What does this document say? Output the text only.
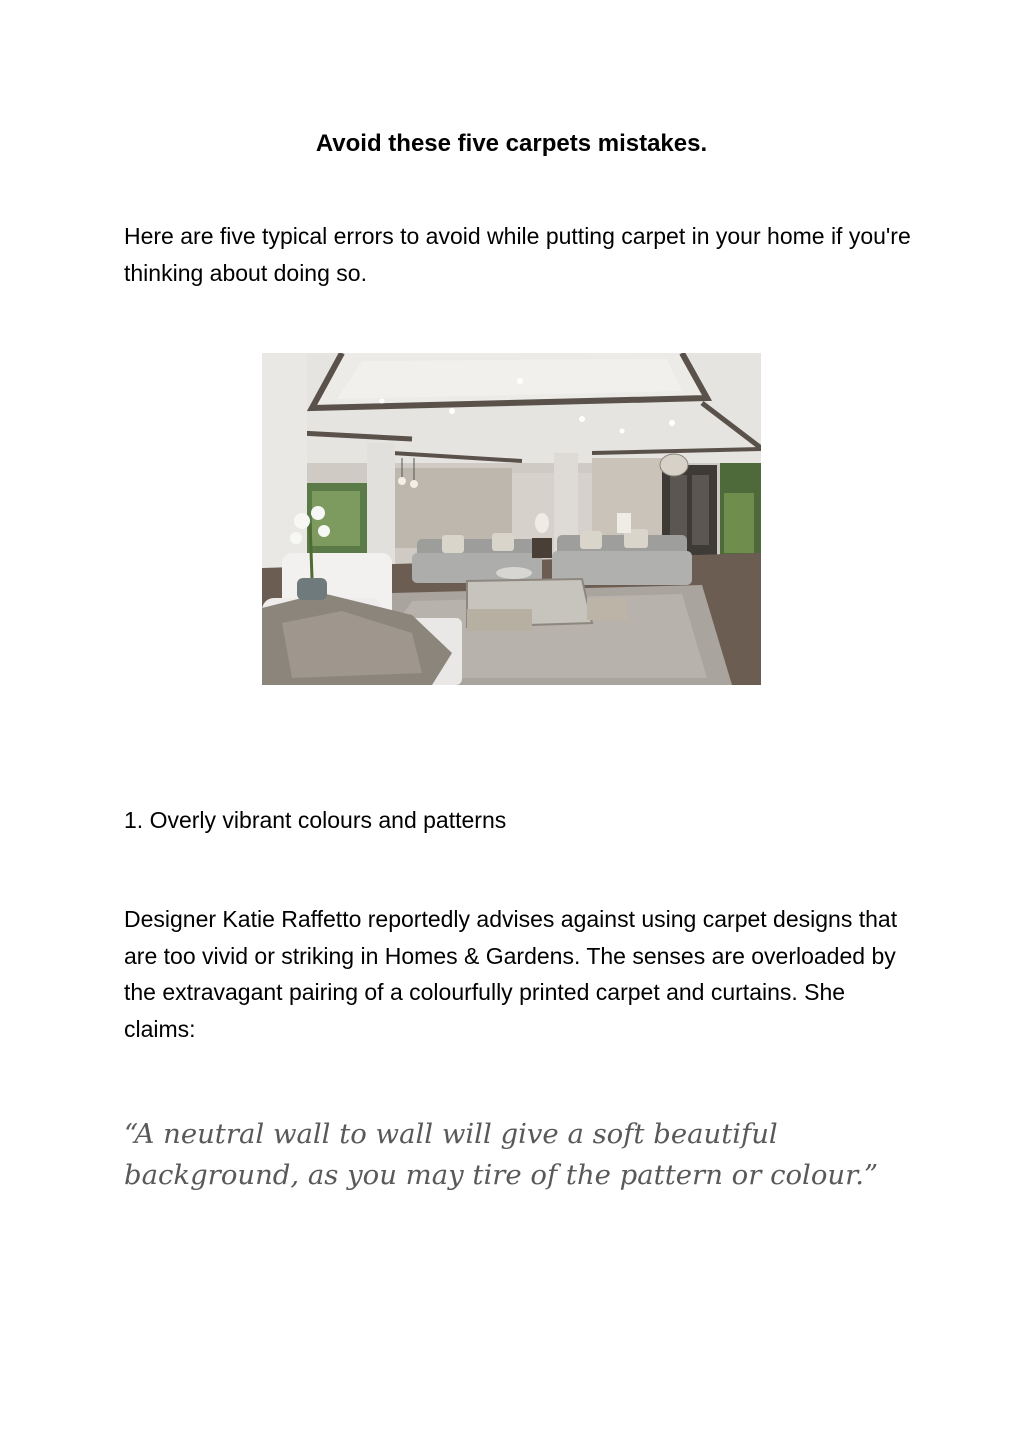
Avoid these five carpets mistakes.

Here are five typical errors to avoid while putting carpet in your home if you're thinking about doing so.

1. Overly vibrant colours and patterns

Designer Katie Raffetto reportedly advises against using carpet designs that are too vivid or striking in Homes & Gardens. The senses are overloaded by the extravagant pairing of a colourfully printed carpet and curtains. She claims:

“A neutral wall to wall will give a soft beautiful background, as you may tire of the pattern or colour.”
